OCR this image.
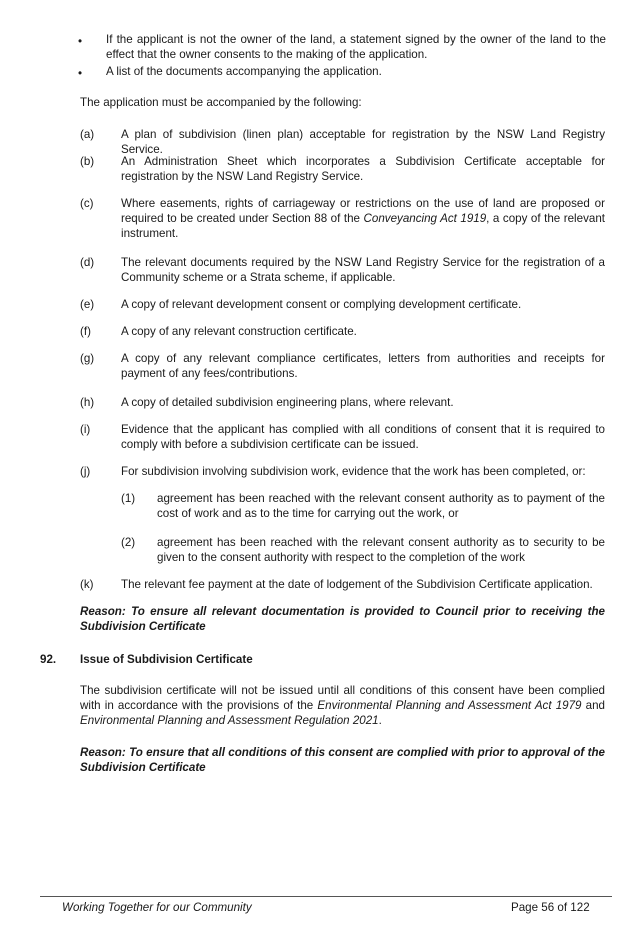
• If the applicant is not the owner of the land, a statement signed by the owner of the land to the effect that the owner consents to the making of the application.
• A list of the documents accompanying the application.
The application must be accompanied by the following:
(a) A plan of subdivision (linen plan) acceptable for registration by the NSW Land Registry Service.
(b) An Administration Sheet which incorporates a Subdivision Certificate acceptable for registration by the NSW Land Registry Service.
(c) Where easements, rights of carriageway or restrictions on the use of land are proposed or required to be created under Section 88 of the Conveyancing Act 1919, a copy of the relevant instrument.
(d) The relevant documents required by the NSW Land Registry Service for the registration of a Community scheme or a Strata scheme, if applicable.
(e) A copy of relevant development consent or complying development certificate.
(f)	A copy of any relevant construction certificate.
(g) A copy of any relevant compliance certificates, letters from authorities and receipts for payment of any fees/contributions.
(h) A copy of detailed subdivision engineering plans, where relevant.
(i)	Evidence that the applicant has complied with all conditions of consent that it is required to comply with before a subdivision certificate can be issued.
(j)	For subdivision involving subdivision work, evidence that the work has been completed, or:
(1) agreement has been reached with the relevant consent authority as to payment of the cost of work and as to the time for carrying out the work, or
(2) agreement has been reached with the relevant consent authority as to security to be given to the consent authority with respect to the completion of the work
(k) The relevant fee payment at the date of lodgement of the Subdivision Certificate application.
Reason: To ensure all relevant documentation is provided to Council prior to receiving the Subdivision Certificate
92. Issue of Subdivision Certificate
The subdivision certificate will not be issued until all conditions of this consent have been complied with in accordance with the provisions of the Environmental Planning and Assessment Act 1979 and Environmental Planning and Assessment Regulation 2021.
Reason: To ensure that all conditions of this consent are complied with prior to approval of the Subdivision Certificate
Working Together for our Community	Page 56 of 122
